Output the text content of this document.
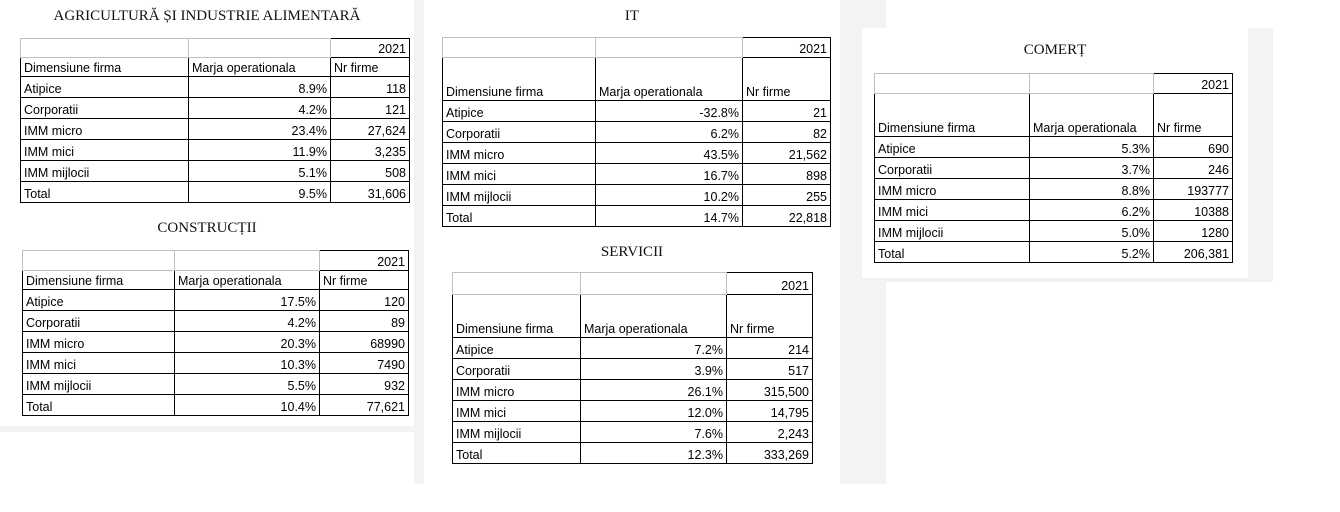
AGRICULTURĂ ȘI INDUSTRIE ALIMENTARĂ
		2021
Dimensiune firma	Marja operationala	Nr firme
Atipice	8.9%	118
Corporatii	4.2%	121
IMM micro	23.4%	27,624
IMM mici	11.9%	3,235
IMM mijlocii	5.1%	508
Total	9.5%	31,606
CONSTRUCȚII
		2021
Dimensiune firma	Marja operationala	Nr firme
Atipice	17.5%	120
Corporatii	4.2%	89
IMM micro	20.3%	68990
IMM mici	10.3%	7490
IMM mijlocii	5.5%	932
Total	10.4%	77,621
IT
		2021
Dimensiune firma	Marja operationala	Nr firme
Atipice	-32.8%	21
Corporatii	6.2%	82
IMM micro	43.5%	21,562
IMM mici	16.7%	898
IMM mijlocii	10.2%	255
Total	14.7%	22,818
SERVICII
		2021
Dimensiune firma	Marja operationala	Nr firme
Atipice	7.2%	214
Corporatii	3.9%	517
IMM micro	26.1%	315,500
IMM mici	12.0%	14,795
IMM mijlocii	7.6%	2,243
Total	12.3%	333,269
COMERȚ
		2021
Dimensiune firma	Marja operationala	Nr firme
Atipice	5.3%	690
Corporatii	3.7%	246
IMM micro	8.8%	193777
IMM mici	6.2%	10388
IMM mijlocii	5.0%	1280
Total	5.2%	206,381
